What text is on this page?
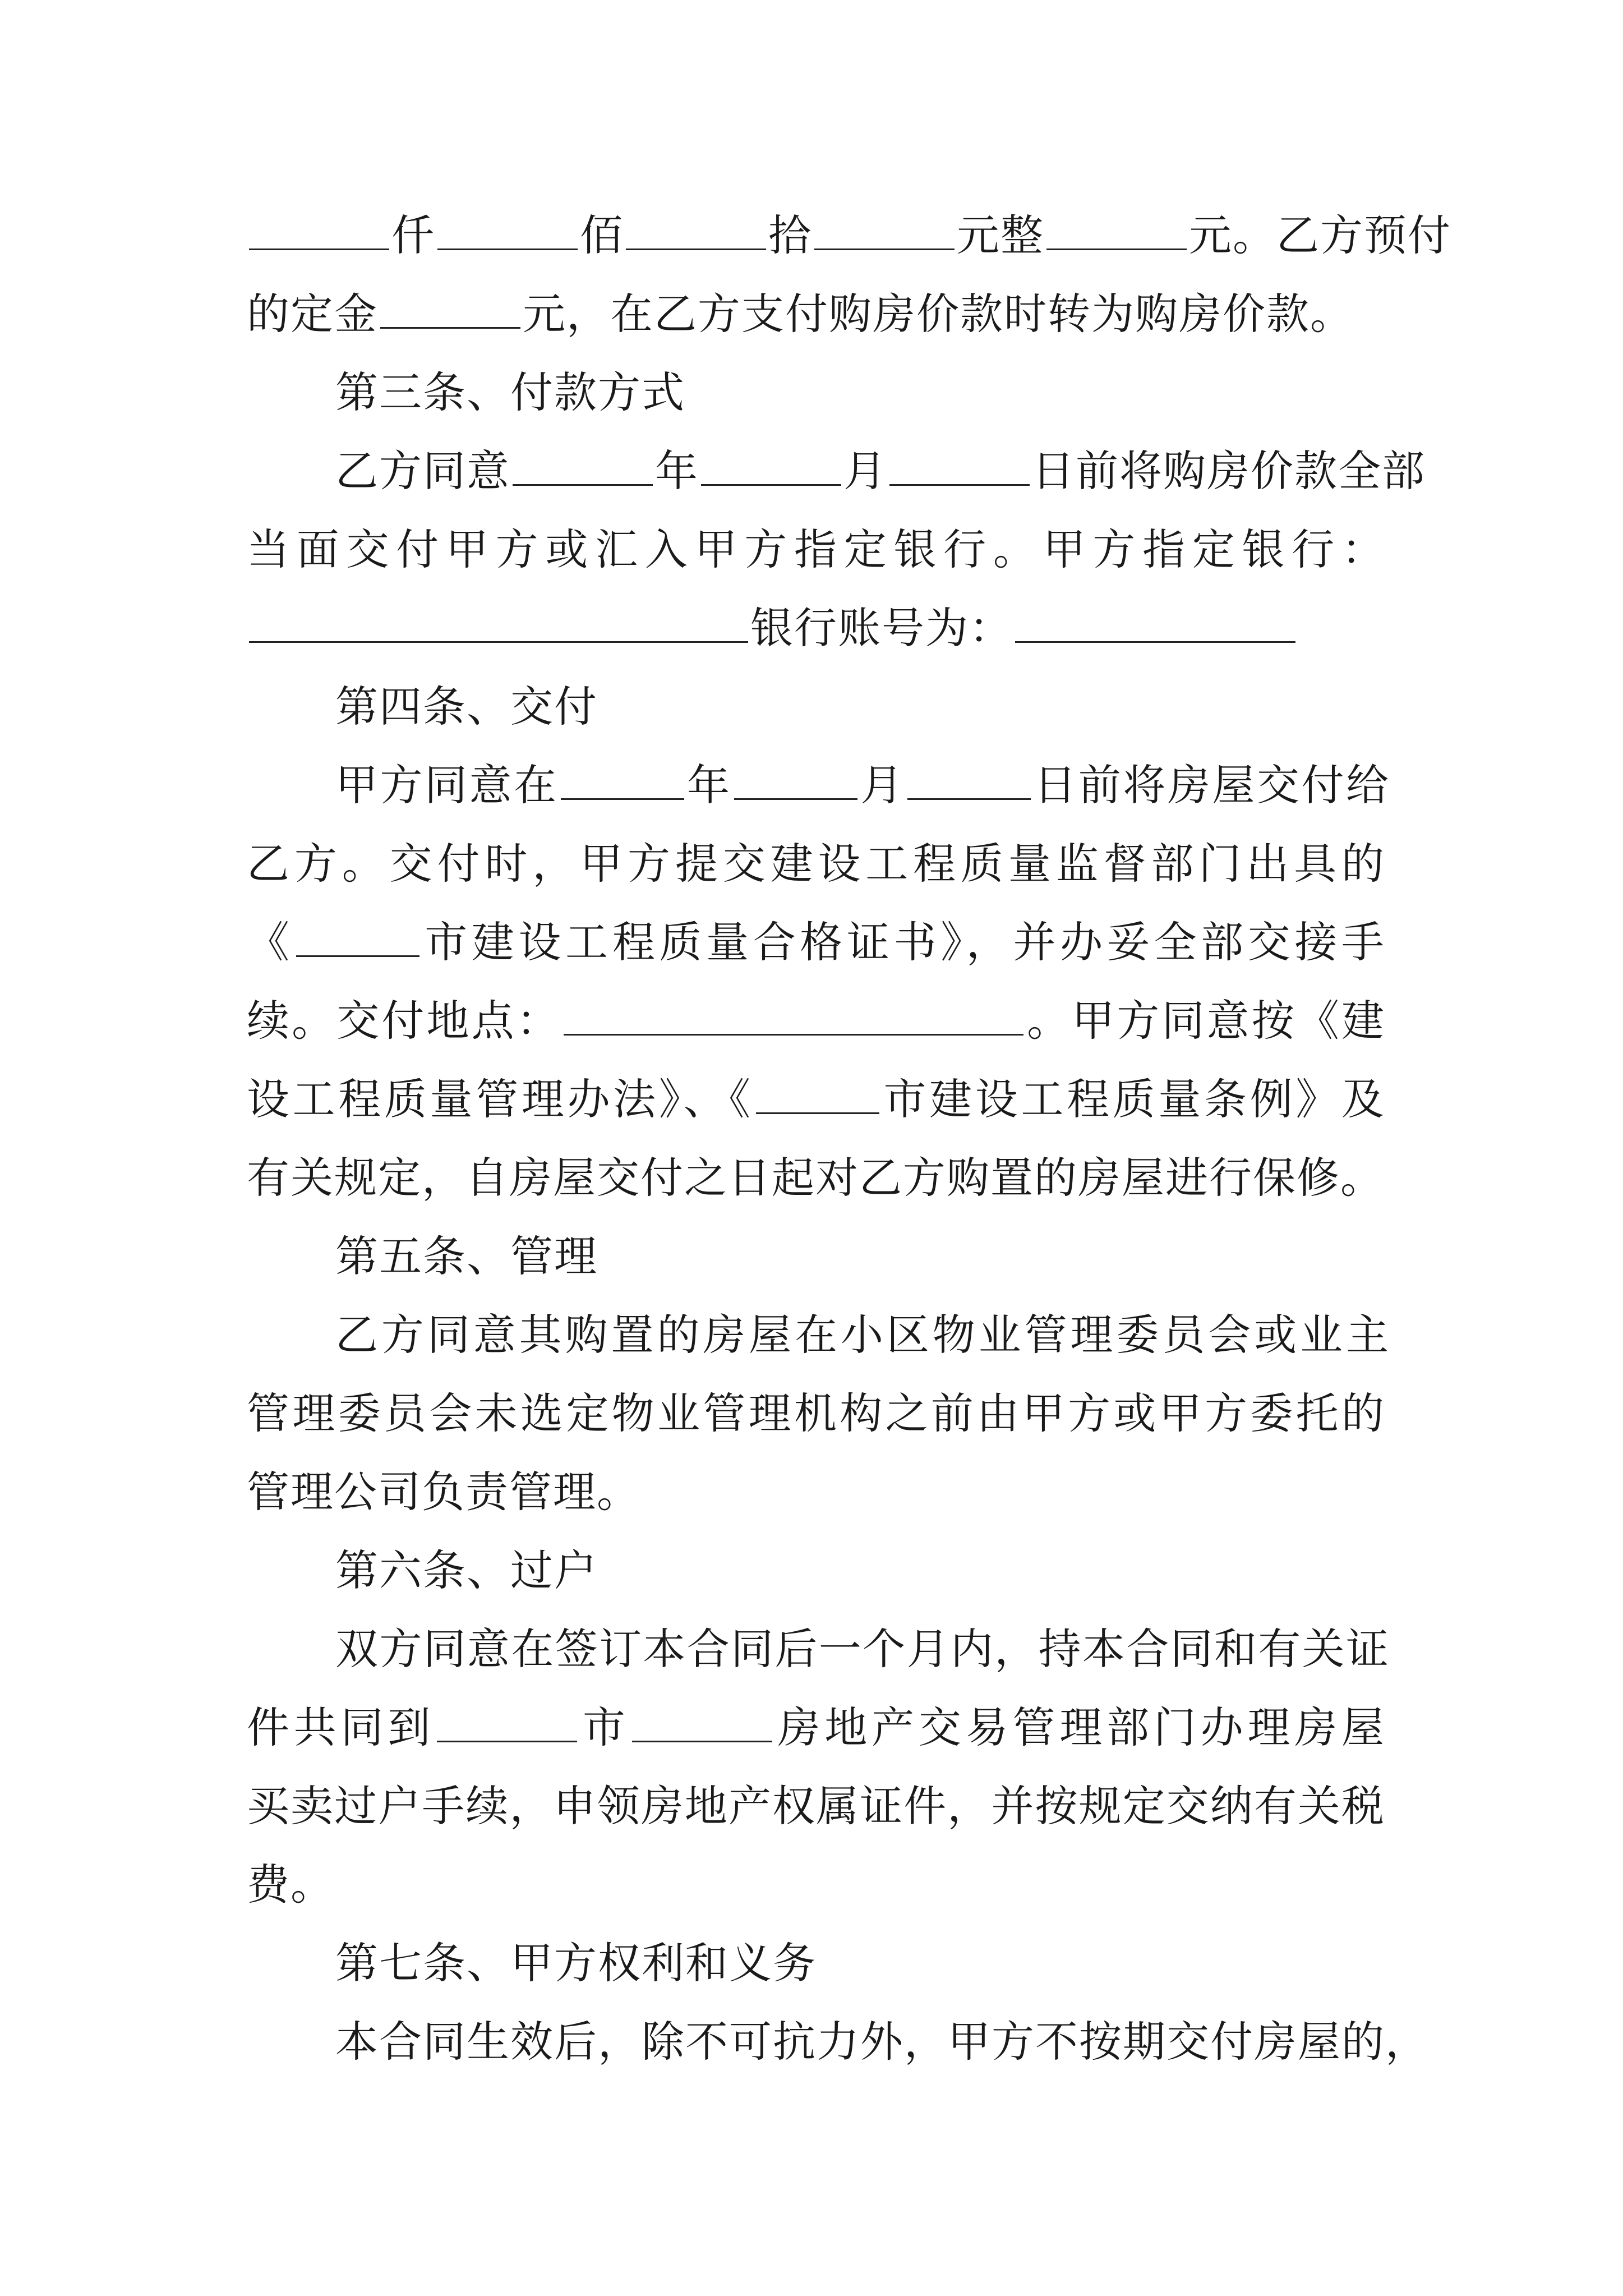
仟	佰	拾	元整	元。乙方预付
的定金	元，在乙方支付购房价款时转为购房价款。
第三条、付款方式
乙方同意	年	月	日前将购房价款全部
当面交付甲方或汇入甲方指定银行。甲方指定银行：
银行账号为：
第四条、交付
甲方同意在	年	月	日前将房屋交付给
乙方。交付时，甲方提交建设工程质量监督部门出具的
《	市建设工程质量合格证书》，并办妥全部交接手
续。交付地点：	。甲方同意按《建
设工程质量管理办法》、《	市建设工程质量条例》及
有关规定，自房屋交付之日起对乙方购置的房屋进行保修。
第五条、管理
乙方同意其购置的房屋在小区物业管理委员会或业主
管理委员会未选定物业管理机构之前由甲方或甲方委托的
管理公司负责管理。
第六条、过户
双方同意在签订本合同后一个月内，持本合同和有关证
件共同到	市	房地产交易管理部门办理房屋
买卖过户手续，申领房地产权属证件，并按规定交纳有关税
费。
第七条、甲方权利和义务
本合同生效后，除不可抗力外，甲方不按期交付房屋的，
